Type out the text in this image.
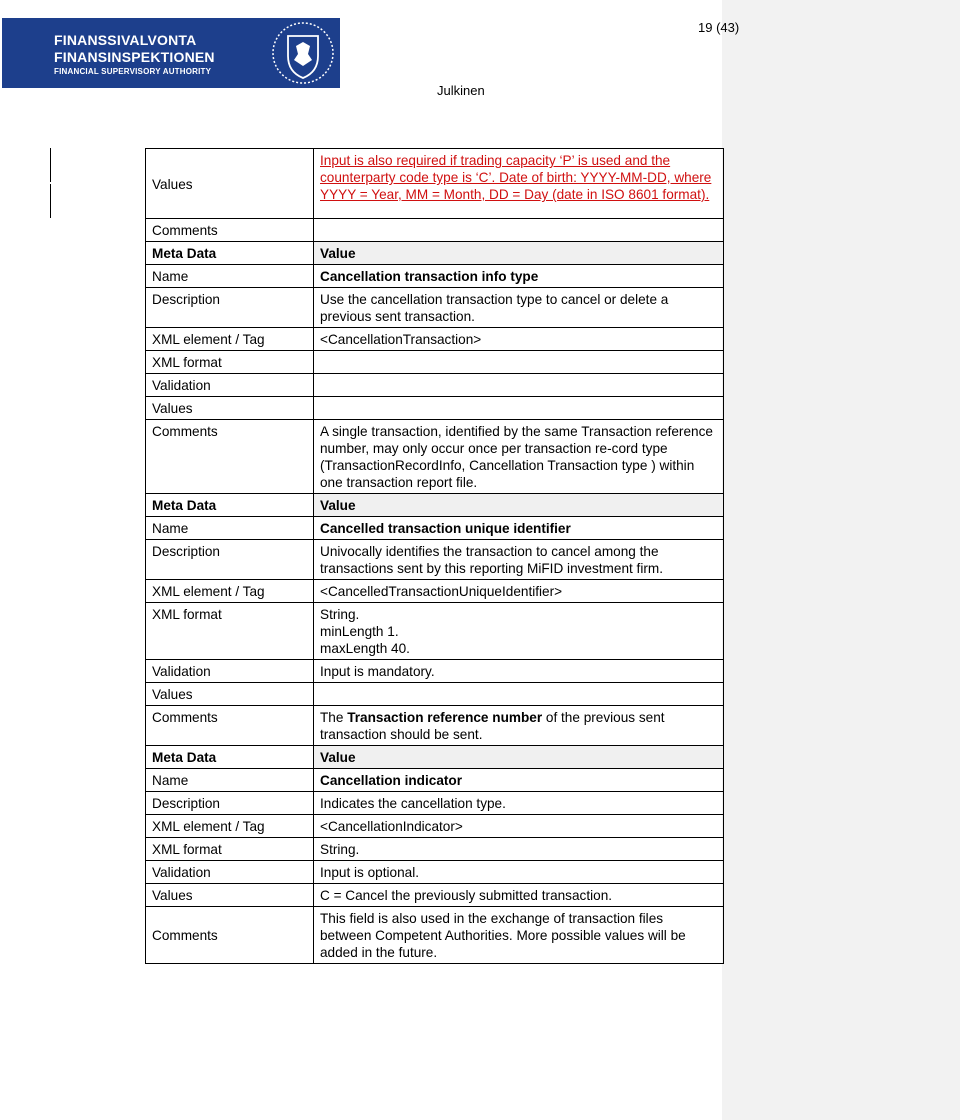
FINANSSIVALVONTA
FINANSINSPEKTIONEN
FINANCIAL SUPERVISORY AUTHORITY
19 (43)
Julkinen
Values	Input is also required if trading capacity ‘P’ is used and the counterparty code type is ‘C’. Date of birth: YYYY-MM-DD, where YYYY = Year, MM = Month, DD = Day (date in ISO 8601 format).
Comments	
Meta Data	Value
Name	Cancellation transaction info type
Description	Use the cancellation transaction type to cancel or delete a previous sent transaction.
XML element / Tag	<CancellationTransaction>
XML format	
Validation	
Values	
Comments	A single transaction, identified by the same Transaction reference number, may only occur once per transaction re-cord type (TransactionRecordInfo, Cancellation Transaction type ) within one transaction report file.
Meta Data	Value
Name	Cancelled transaction unique identifier
Description	Univocally identifies the transaction to cancel among the transactions sent by this reporting MiFID investment firm.
XML element / Tag	<CancelledTransactionUniqueIdentifier>
XML format	String.
minLength 1.
maxLength 40.

Validation	Input is mandatory.
Values	
Comments	The Transaction reference number of the previous sent transaction should be sent.
Meta Data	Value
Name	Cancellation indicator
Description	Indicates the cancellation type.
XML element / Tag	<CancellationIndicator>
XML format	String.
Validation	Input is optional.
Values	C = Cancel the previously submitted transaction.
Comments	This field is also used in the exchange of transaction files between Competent Authorities. More possible values will be added in the future.
